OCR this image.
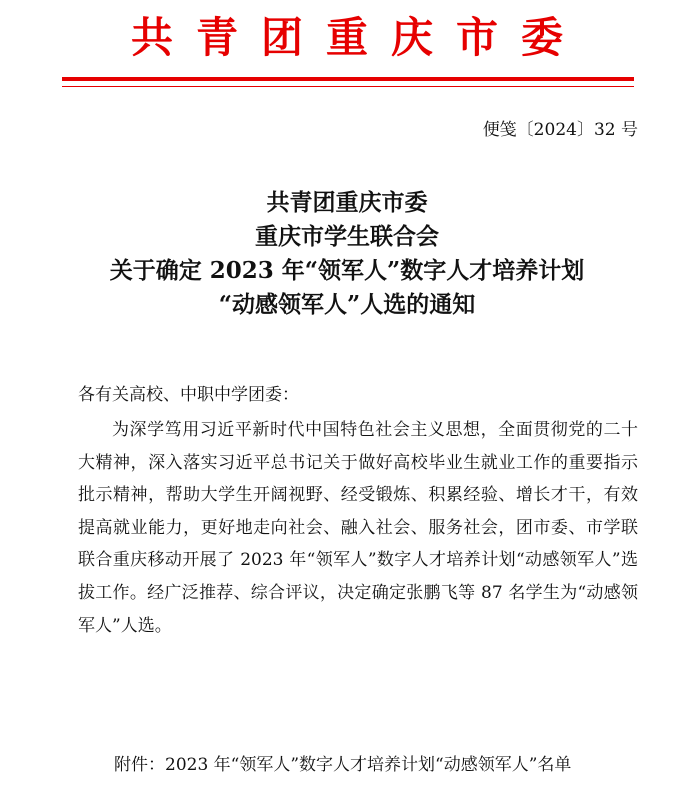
共青团重庆市委
便笺〔2024〕32 号
共青团重庆市委
重庆市学生联合会
关于确定 2023 年“领军人”数字人才培养计划
“动感领军人”人选的通知
各有关高校、中职中学团委：

为深学笃用习近平新时代中国特色社会主义思想，全面贯彻党的二十大精神，深入落实习近平总书记关于做好高校毕业生就业工作的重要指示批示精神，帮助大学生开阔视野、经受锻炼、积累经验、增长才干，有效提高就业能力，更好地走向社会、融入社会、服务社会，团市委、市学联联合重庆移动开展了 2023 年“领军人”数字人才培养计划“动感领军人”选拔工作。经广泛推荐、综合评议，决定确定张鹏飞等 87 名学生为“动感领军人”人选。

附件：2023 年“领军人”数字人才培养计划“动感领军人”名单
